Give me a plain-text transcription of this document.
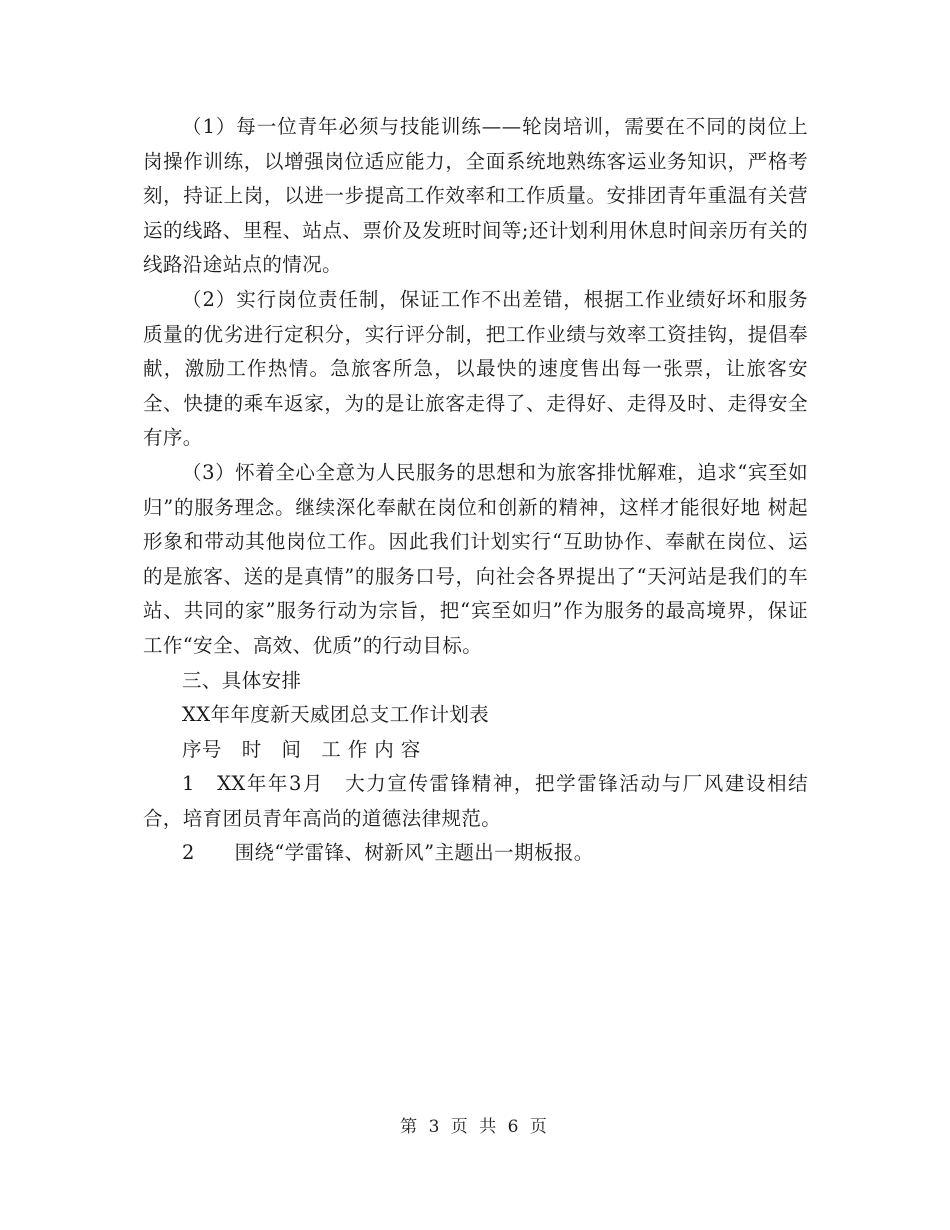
（1）每一位青年必须与技能训练——轮岗培训，需要在不同的岗位上岗操作训练，以增强岗位适应能力，全面系统地熟练客运业务知识，严格考刻，持证上岗，以进一步提高工作效率和工作质量。安排团青年重温有关营运的线路、里程、站点、票价及发班时间等;还计划利用休息时间亲历有关的线路沿途站点的情况。

（2）实行岗位责任制，保证工作不出差错，根据工作业绩好坏和服务质量的优劣进行定积分，实行评分制，把工作业绩与效率工资挂钩，提倡奉献，激励工作热情。急旅客所急，以最快的速度售出每一张票，让旅客安全、快捷的乘车返家，为的是让旅客走得了、走得好、走得及时、走得安全有序。

（3）怀着全心全意为人民服务的思想和为旅客排忧解难，追求“宾至如归”的服务理念。继续深化奉献在岗位和创新的精神，这样才能很好地 树起形象和带动其他岗位工作。因此我们计划实行“互助协作、奉献在岗位、运的是旅客、送的是真情”的服务口号，向社会各界提出了“天河站是我们的车站、共同的家”服务行动为宗旨，把“宾至如归”作为服务的最高境界，保证工作“安全、高效、优质”的行动目标。

三、具体安排

XX年年度新天威团总支工作计划表

序号　时　间　工 作 内 容

1　XX年年3月　大力宣传雷锋精神，把学雷锋活动与厂风建设相结合，培育团员青年高尚的道德法律规范。

2　　围绕“学雷锋、树新风”主题出一期板报。

第 3 页 共 6 页
